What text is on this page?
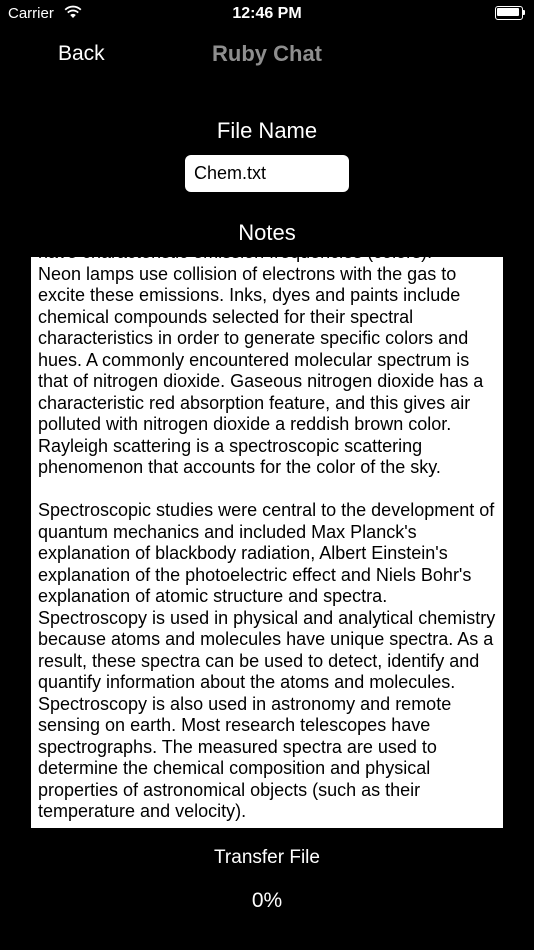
Carrier	12:46 PM
Back	Ruby Chat
File Name
Chem.txt
Notes
have characteristic emission frequencies (colors).
Neon lamps use collision of electrons with the gas to excite these emissions. Inks, dyes and paints include chemical compounds selected for their spectral characteristics in order to generate specific colors and hues. A commonly encountered molecular spectrum is that of nitrogen dioxide. Gaseous nitrogen dioxide has a characteristic red absorption feature, and this gives air polluted with nitrogen dioxide a reddish brown color. Rayleigh scattering is a spectroscopic scattering phenomenon that accounts for the color of the sky.

Spectroscopic studies were central to the development of quantum mechanics and included Max Planck's explanation of blackbody radiation, Albert Einstein's explanation of the photoelectric effect and Niels Bohr's explanation of atomic structure and spectra. Spectroscopy is used in physical and analytical chemistry because atoms and molecules have unique spectra. As a result, these spectra can be used to detect, identify and quantify information about the atoms and molecules. Spectroscopy is also used in astronomy and remote sensing on earth. Most research telescopes have spectrographs. The measured spectra are used to determine the chemical composition and physical properties of astronomical objects (such as their temperature and velocity).
Transfer File
0%
